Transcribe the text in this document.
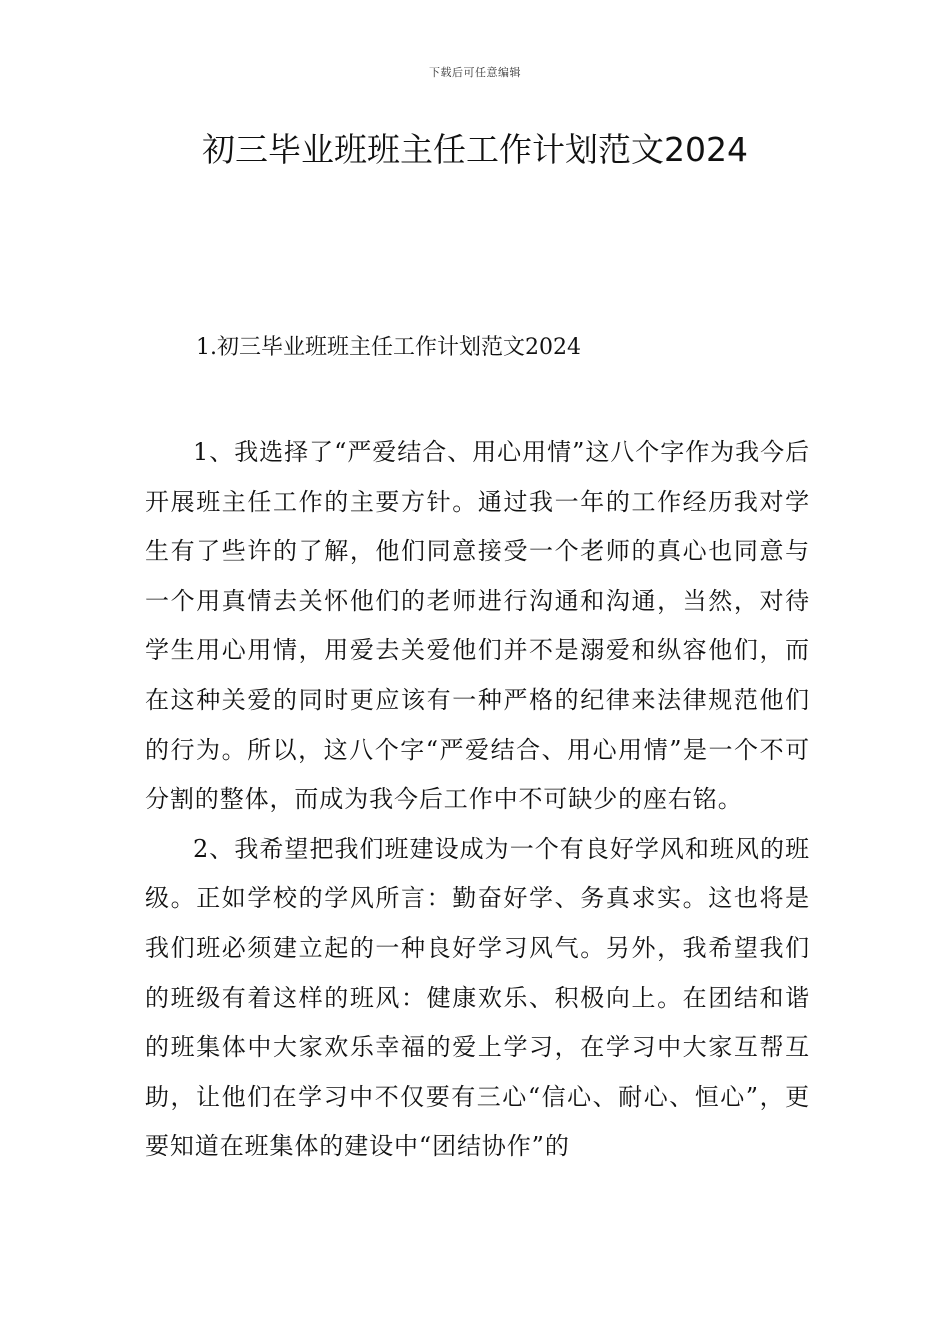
下载后可任意编辑
初三毕业班班主任工作计划范文2024
1.初三毕业班班主任工作计划范文2024

1、我选择了“严爱结合、用心用情”这八个字作为我今后开展班主任工作的主要方针。通过我一年的工作经历我对学生有了些许的了解，他们同意接受一个老师的真心也同意与一个用真情去关怀他们的老师进行沟通和沟通，当然，对待学生用心用情，用爱去关爱他们并不是溺爱和纵容他们，而在这种关爱的同时更应该有一种严格的纪律来法律规范他们的行为。所以，这八个字“严爱结合、用心用情”是一个不可分割的整体，而成为我今后工作中不可缺少的座右铭。

2、我希望把我们班建设成为一个有良好学风和班风的班级。正如学校的学风所言：勤奋好学、务真求实。这也将是我们班必须建立起的一种良好学习风气。另外，我希望我们的班级有着这样的班风：健康欢乐、积极向上。在团结和谐的班集体中大家欢乐幸福的爱上学习，在学习中大家互帮互助，让他们在学习中不仅要有三心“信心、耐心、恒心”，更要知道在班集体的建设中“团结协作”的
